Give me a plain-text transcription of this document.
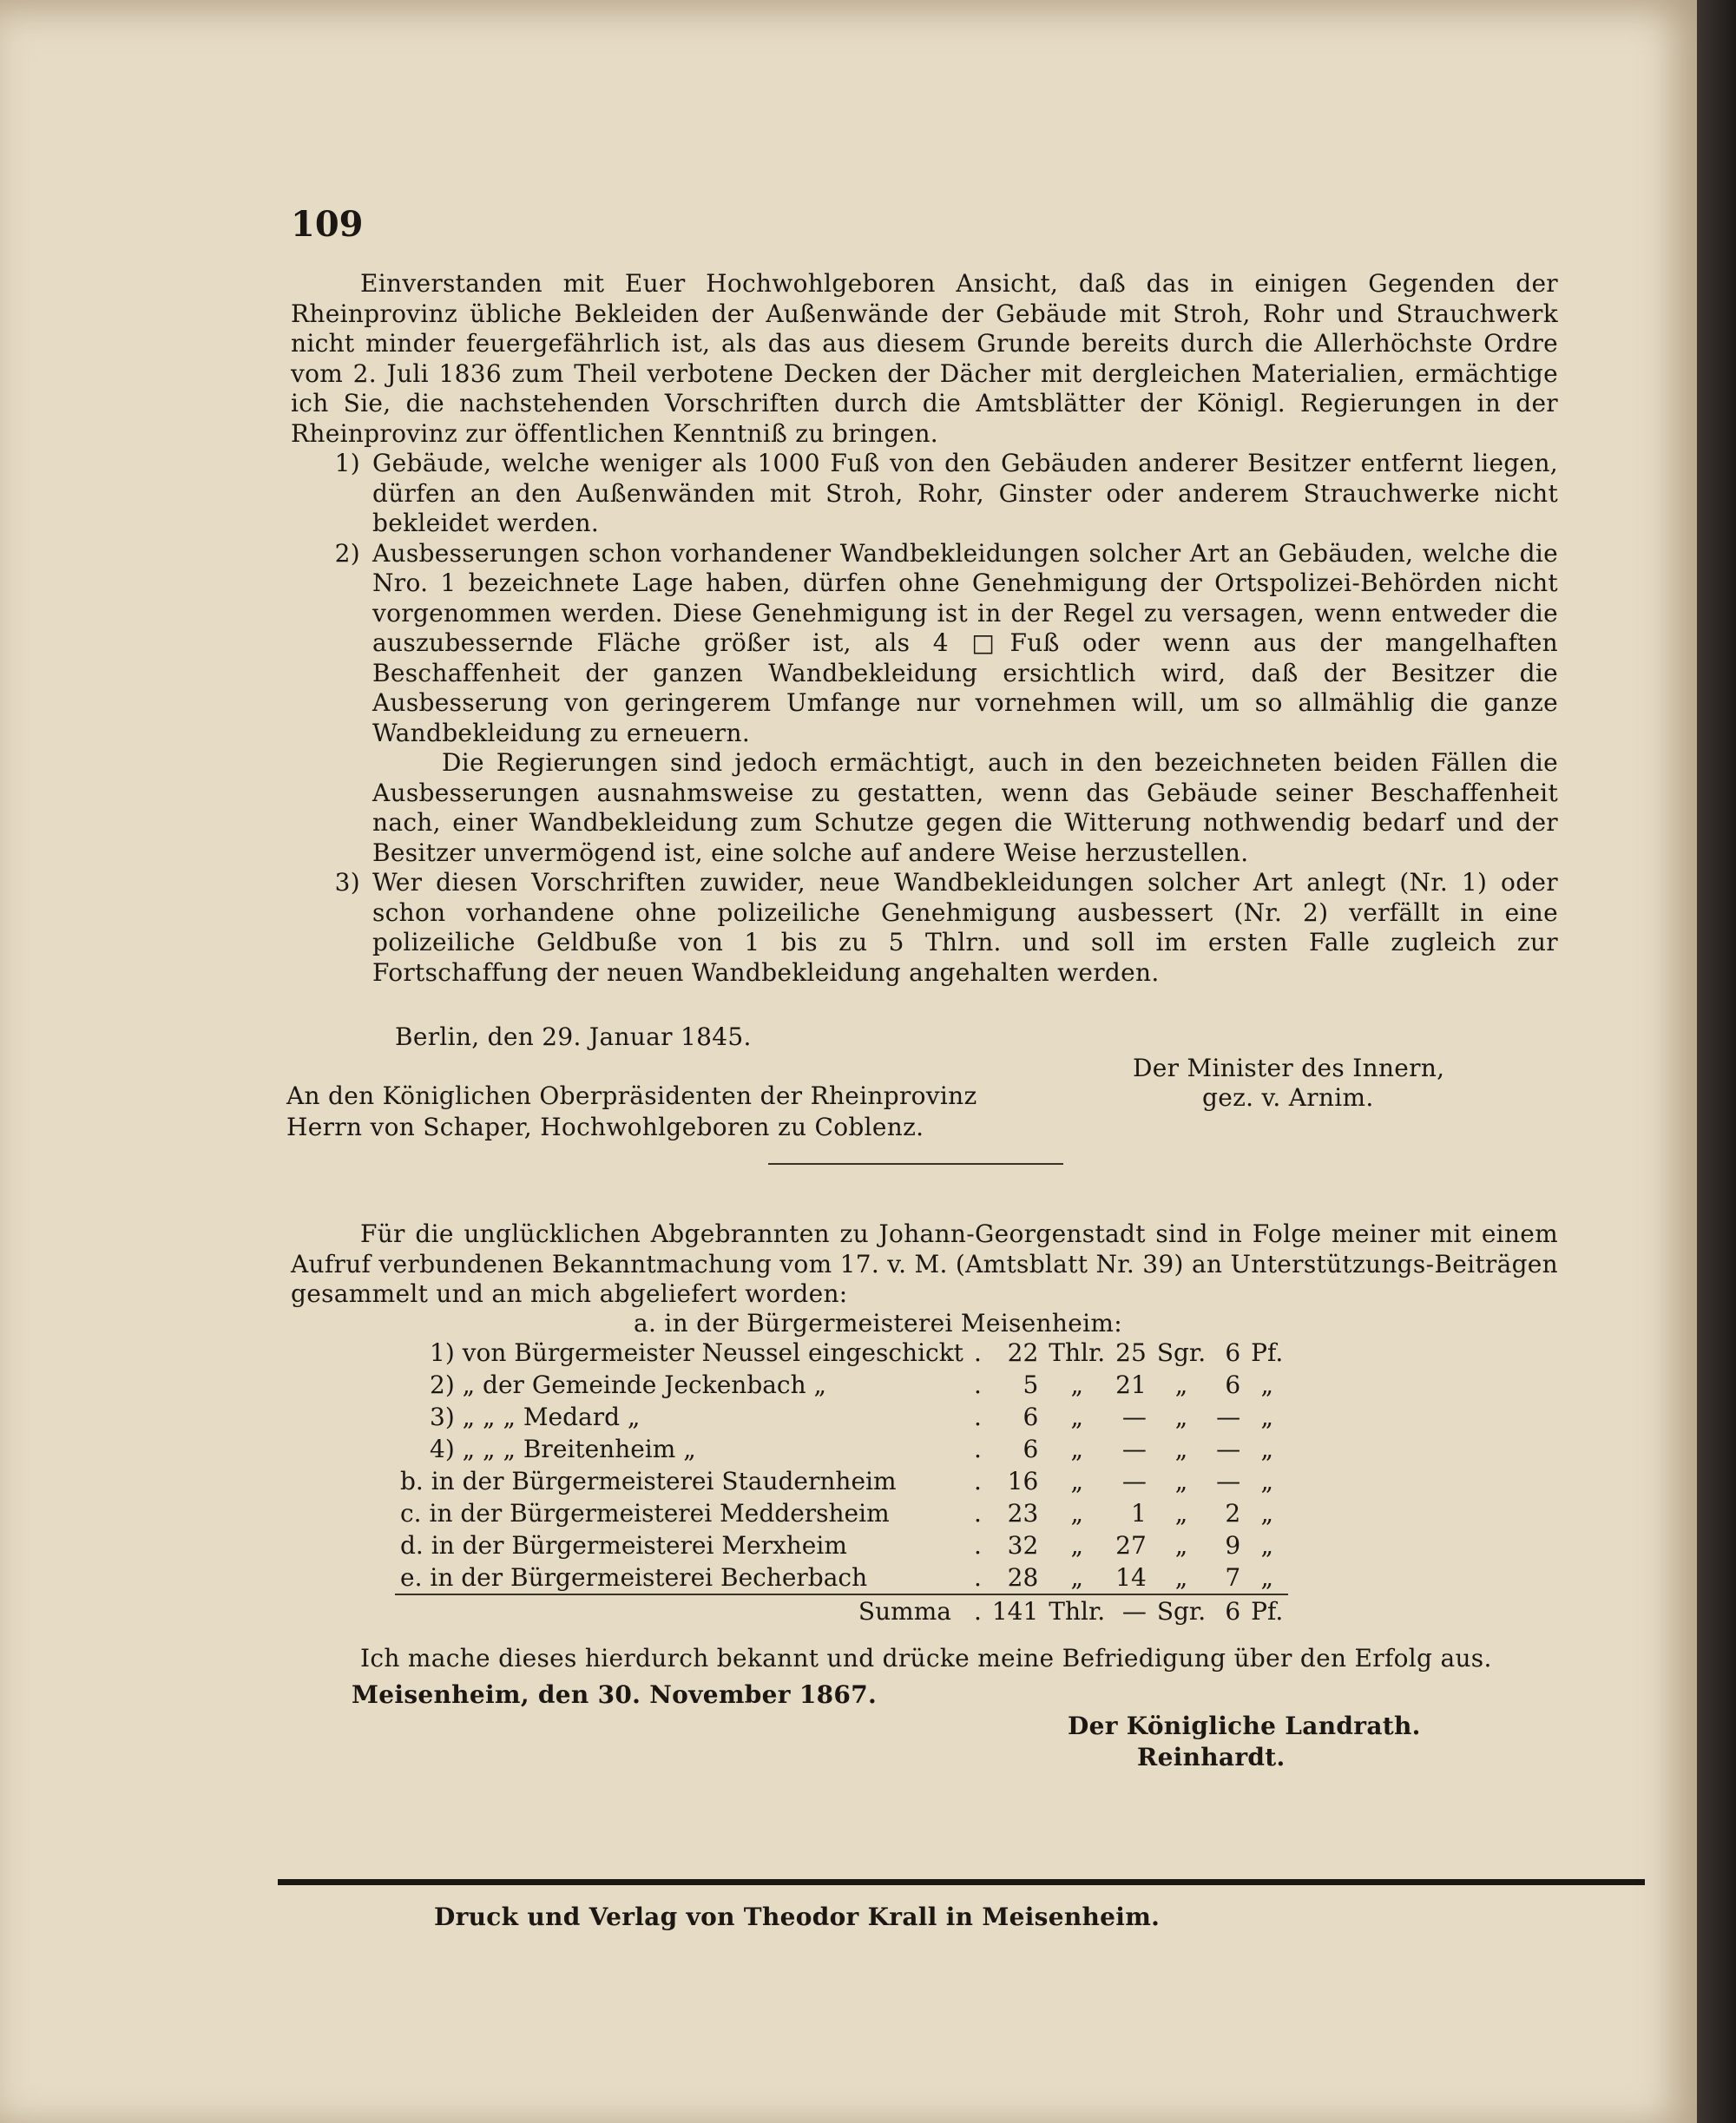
109

Einverstanden mit Euer Hochwohlgeboren Ansicht, daß das in einigen Gegenden der Rheinprovinz übliche Bekleiden der Außenwände der Gebäude mit Stroh, Rohr und Strauchwerk nicht minder feuergefährlich ist, als das aus diesem Grunde bereits durch die Allerhöchste Ordre vom 2. Juli 1836 zum Theil verbotene Decken der Dächer mit dergleichen Materialien, ermächtige ich Sie, die nachstehenden Vorschriften durch die Amtsblätter der Königl. Regierungen in der Rheinprovinz zur öffentlichen Kenntniß zu bringen.

1) Gebäude, welche weniger als 1000 Fuß von den Gebäuden anderer Besitzer entfernt liegen, dürfen an den Außenwänden mit Stroh, Rohr, Ginster oder anderem Strauchwerke nicht bekleidet werden.
2) Ausbesserungen schon vorhandener Wandbekleidungen solcher Art an Gebäuden, welche die Nro. 1 bezeichnete Lage haben, dürfen ohne Genehmigung der Ortspolizei-Behörden nicht vorgenommen werden. Diese Genehmigung ist in der Regel zu versagen, wenn entweder die auszubessernde Fläche größer ist, als 4 □Fuß oder wenn aus der mangelhaften Beschaffenheit der ganzen Wandbekleidung ersichtlich wird, daß der Besitzer die Ausbesserung von geringerem Umfange nur vornehmen will, um so allmählig die ganze Wandbekleidung zu erneuern.
Die Regierungen sind jedoch ermächtigt, auch in den bezeichneten beiden Fällen die Ausbesserungen ausnahmsweise zu gestatten, wenn das Gebäude seiner Beschaffenheit nach, einer Wandbekleidung zum Schutze gegen die Witterung nothwendig bedarf und der Besitzer unvermögend ist, eine solche auf andere Weise herzustellen.
3) Wer diesen Vorschriften zuwider, neue Wandbekleidungen solcher Art anlegt (Nr. 1) oder schon vorhandene ohne polizeiliche Genehmigung ausbessert (Nr. 2) verfällt in eine polizeiliche Geldbuße von 1 bis zu 5 Thlrn. und soll im ersten Falle zugleich zur Fortschaffung der neuen Wandbekleidung angehalten werden.
Berlin, den 29. Januar 1845.
Der Minister des Innern,
gez. v. Arnim.
An den Königlichen Oberpräsidenten der Rheinprovinz
Herrn von Schaper, Hochwohlgeboren zu Coblenz.

Für die unglücklichen Abgebrannten zu Johann-Georgenstadt sind in Folge meiner mit einem Aufruf verbundenen Bekanntmachung vom 17. v. M. (Amtsblatt Nr. 39) an Unterstützungs-Beiträgen gesammelt und an mich abgeliefert worden:

a. in der Bürgermeisterei Meisenheim:
1) von Bürgermeister Neussel eingeschickt	.	22	Thlr.	25	Sgr.	6	Pf.
2) „ der Gemeinde Jeckenbach „	.	5	„	21	„	6	„
3) „ „ „ Medard „	.	6	„	—	„	—	„
4) „ „ „ Breitenheim „	.	6	„	—	„	—	„
b. in der Bürgermeisterei Staudernheim	.	16	„	—	„	—	„
c. in der Bürgermeisterei Meddersheim	.	23	„	1	„	2	„
d. in der Bürgermeisterei Merxheim	.	32	„	27	„	9	„
e. in der Bürgermeisterei Becherbach	.	28	„	14	„	7	„
Summa	.	141	Thlr.	—	Sgr.	6	Pf.

Ich mache dieses hierdurch bekannt und drücke meine Befriedigung über den Erfolg aus.

Meisenheim, den 30. November 1867.
Der Königliche Landrath.
Reinhardt.
Druck und Verlag von Theodor Krall in Meisenheim.
